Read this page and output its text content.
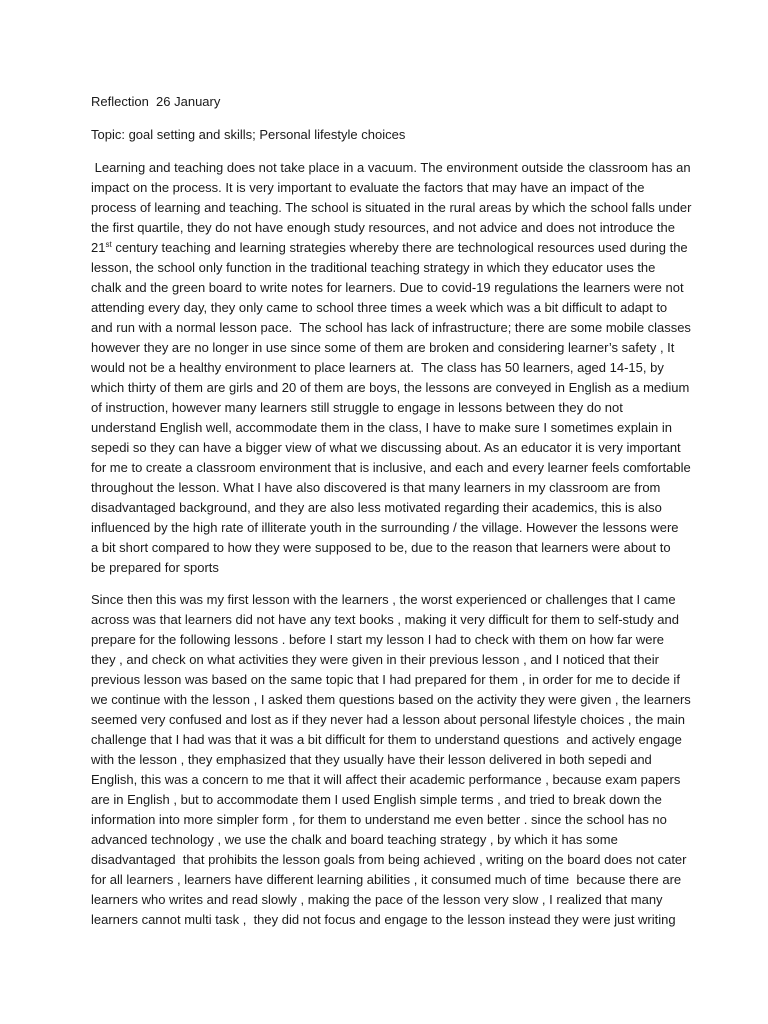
Reflection  26 January

Topic: goal setting and skills; Personal lifestyle choices

Learning and teaching does not take place in a vacuum. The environment outside the classroom has an
impact on the process. It is very important to evaluate the factors that may have an impact of the
process of learning and teaching. The school is situated in the rural areas by which the school falls under
the first quartile, they do not have enough study resources, and not advice and does not introduce the
21st century teaching and learning strategies whereby there are technological resources used during the
lesson, the school only function in the traditional teaching strategy in which they educator uses the
chalk and the green board to write notes for learners. Due to covid-19 regulations the learners were not
attending every day, they only came to school three times a week which was a bit difficult to adapt to
and run with a normal lesson pace.  The school has lack of infrastructure; there are some mobile classes
however they are no longer in use since some of them are broken and considering learner’s safety , It
would not be a healthy environment to place learners at.  The class has 50 learners, aged 14-15, by
which thirty of them are girls and 20 of them are boys, the lessons are conveyed in English as a medium
of instruction, however many learners still struggle to engage in lessons between they do not
understand English well, accommodate them in the class, I have to make sure I sometimes explain in
sepedi so they can have a bigger view of what we discussing about. As an educator it is very important
for me to create a classroom environment that is inclusive, and each and every learner feels comfortable
throughout the lesson. What I have also discovered is that many learners in my classroom are from
disadvantaged background, and they are also less motivated regarding their academics, this is also
influenced by the high rate of illiterate youth in the surrounding / the village. However the lessons were
a bit short compared to how they were supposed to be, due to the reason that learners were about to
be prepared for sports
Since then this was my first lesson with the learners , the worst experienced or challenges that I came
across was that learners did not have any text books , making it very difficult for them to self-study and
prepare for the following lessons . before I start my lesson I had to check with them on how far were
they , and check on what activities they were given in their previous lesson , and I noticed that their
previous lesson was based on the same topic that I had prepared for them , in order for me to decide if
we continue with the lesson , I asked them questions based on the activity they were given , the learners
seemed very confused and lost as if they never had a lesson about personal lifestyle choices , the main
challenge that I had was that it was a bit difficult for them to understand questions  and actively engage
with the lesson , they emphasized that they usually have their lesson delivered in both sepedi and
English, this was a concern to me that it will affect their academic performance , because exam papers
are in English , but to accommodate them I used English simple terms , and tried to break down the
information into more simpler form , for them to understand me even better . since the school has no
advanced technology , we use the chalk and board teaching strategy , by which it has some
disadvantaged  that prohibits the lesson goals from being achieved , writing on the board does not cater
for all learners , learners have different learning abilities , it consumed much of time  because there are
learners who writes and read slowly , making the pace of the lesson very slow , I realized that many
learners cannot multi task ,  they did not focus and engage to the lesson instead they were just writing
